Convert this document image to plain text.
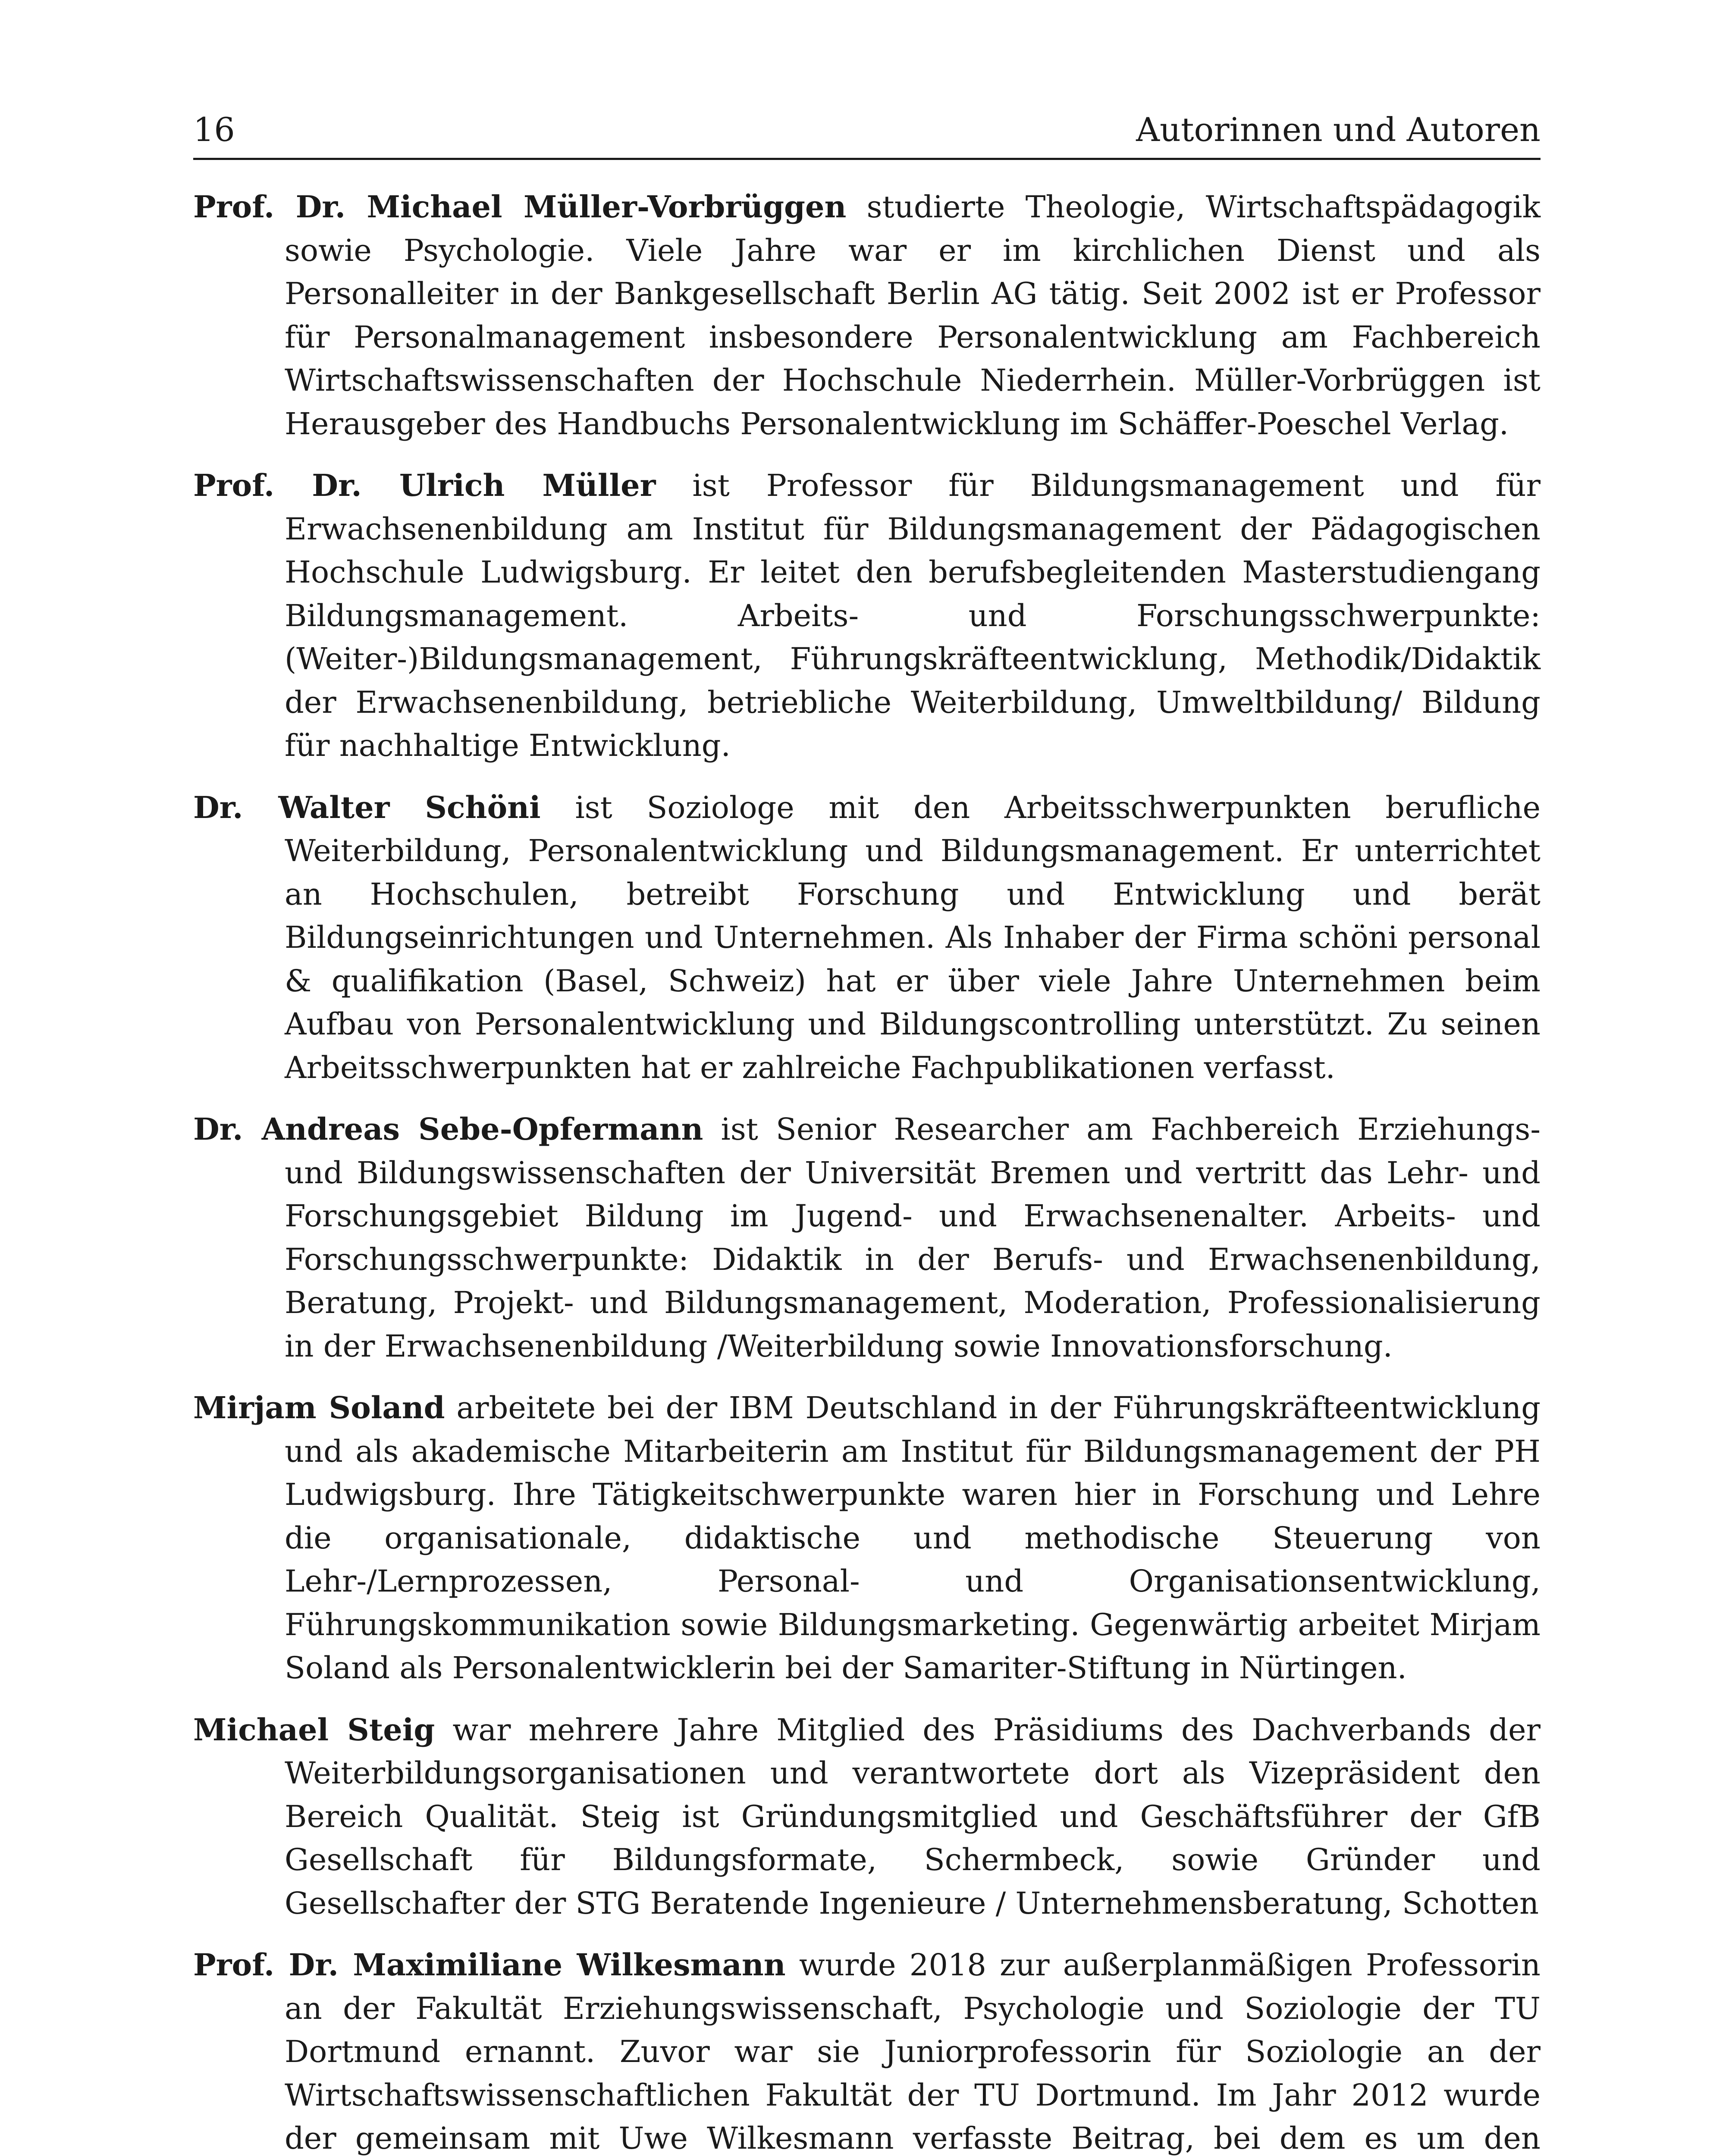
16	Autorinnen und Autoren

Prof. Dr. Michael Müller-Vorbrüggen studierte Theologie, Wirtschaftspädagogik sowie Psychologie. Viele Jahre war er im kirchlichen Dienst und als Personalleiter in der Bankgesellschaft Berlin AG tätig. Seit 2002 ist er Professor für Personalmanagement insbesondere Personalentwicklung am Fachbereich Wirtschaftswissenschaften der Hochschule Niederrhein. Müller-Vorbrüggen ist Herausgeber des Handbuchs Personalentwicklung im Schäffer-Poeschel Verlag.

Prof. Dr. Ulrich Müller ist Professor für Bildungsmanagement und für Erwachsenenbildung am Institut für Bildungsmanagement der Pädagogischen Hochschule Ludwigsburg. Er leitet den berufsbegleitenden Masterstudiengang Bildungsmanagement. Arbeits- und Forschungsschwerpunkte: (Weiter-)Bildungsmanagement, Führungskräfteentwicklung, Methodik/Didaktik der Erwachsenenbildung, betriebliche Weiterbildung, Umweltbildung/ Bildung für nachhaltige Entwicklung.

Dr. Walter Schöni ist Soziologe mit den Arbeitsschwerpunkten berufliche Weiterbildung, Personalentwicklung und Bildungsmanagement. Er unterrichtet an Hochschulen, betreibt Forschung und Entwicklung und berät Bildungseinrichtungen und Unternehmen. Als Inhaber der Firma schöni personal & qualifikation (Basel, Schweiz) hat er über viele Jahre Unternehmen beim Aufbau von Personalentwicklung und Bildungscontrolling unterstützt. Zu seinen Arbeitsschwerpunkten hat er zahlreiche Fachpublikationen verfasst.

Dr. Andreas Sebe-Opfermann ist Senior Researcher am Fachbereich Erziehungs- und Bildungswissenschaften der Universität Bremen und vertritt das Lehr- und Forschungsgebiet Bildung im Jugend- und Erwachsenenalter. Arbeits- und Forschungsschwerpunkte: Didaktik in der Berufs- und Erwachsenenbildung, Beratung, Projekt- und Bildungsmanagement, Moderation, Professionalisierung in der Erwachsenenbildung /Weiterbildung sowie Innovationsforschung.

Mirjam Soland arbeitete bei der IBM Deutschland in der Führungskräfteentwicklung und als akademische Mitarbeiterin am Institut für Bildungsmanagement der PH Ludwigsburg. Ihre Tätigkeitschwerpunkte waren hier in Forschung und Lehre die organisationale, didaktische und methodische Steuerung von Lehr-/Lernprozessen, Personal- und Organisationsentwicklung, Führungskommunikation sowie Bildungsmarketing. Gegenwärtig arbeitet Mirjam Soland als Personalentwicklerin bei der Samariter-Stiftung in Nürtingen.

Michael Steig war mehrere Jahre Mitglied des Präsidiums des Dachverbands der Weiterbildungsorganisationen und verantwortete dort als Vizepräsident den Bereich Qualität. Steig ist Gründungsmitglied und Geschäftsführer der GfB Gesellschaft für Bildungsformate, Schermbeck, sowie Gründer und Gesellschafter der STG Beratende Ingenieure / Unternehmensberatung, Schotten

Prof. Dr. Maximiliane Wilkesmann wurde 2018 zur außerplanmäßigen Professorin an der Fakultät Erziehungswissenschaft, Psychologie und Soziologie der TU Dortmund ernannt. Zuvor war sie Juniorprofessorin für Soziologie an der Wirtschaftswissenschaftlichen Fakultät der TU Dortmund. Im Jahr 2012 wurde der gemeinsam mit Uwe Wilkesmann verfasste Beitrag, bei dem es um den
